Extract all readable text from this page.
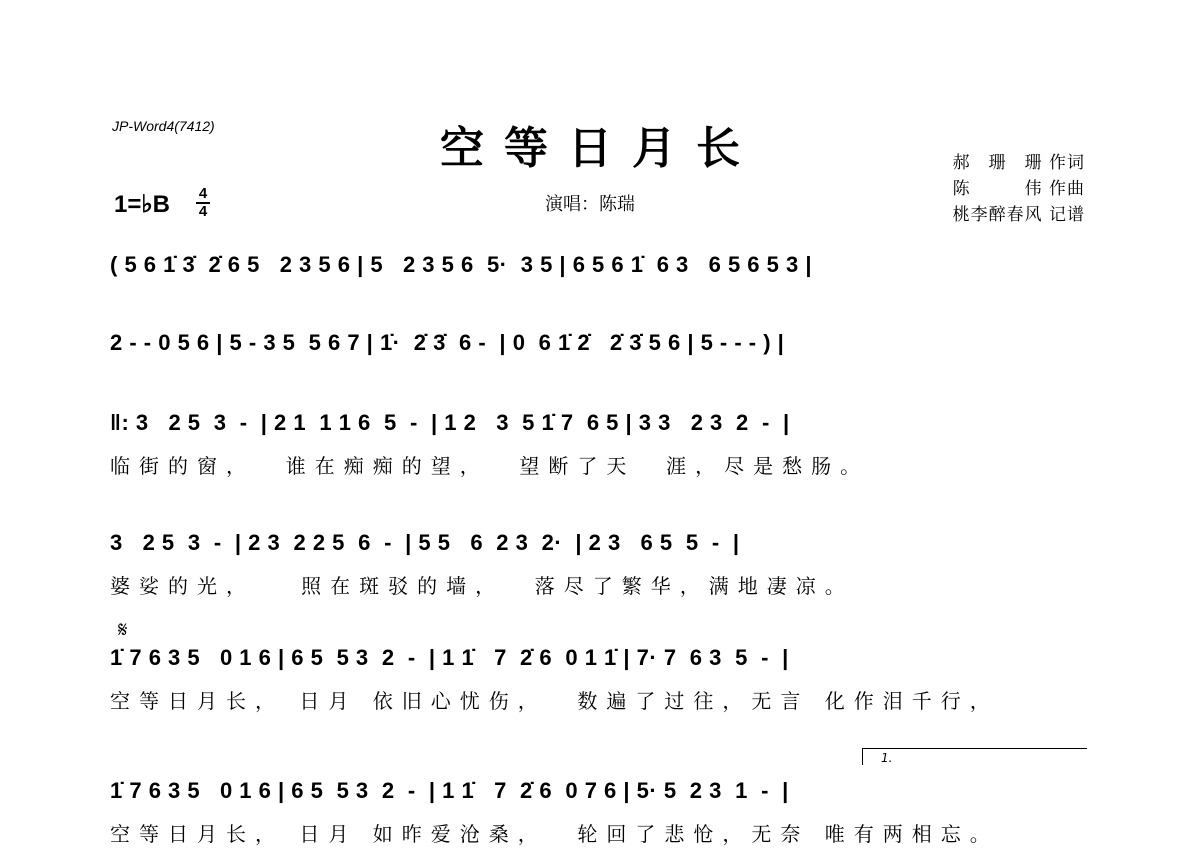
JP-Word4(7412)	空等日月长
1=♭B 4
4	演唱：陈瑞
郝　珊　珊 作词
陈　　　伟 作曲
桃李醉春风 记谱
( 5 6 1̇ 3̇  2̇ 6 5   2 3 5 6 | 5   2 3 5 6  5·  3 5 | 6 5 6 1̇  6 3   6 5 6 5 3 |
2 - - 0 5 6 | 5 - 3 5  5 6 7 | 1̇·  2̇ 3̇  6 -  | 0  6 1̇ 2̇   2̇ 3̇ 5 6 | 5 - - - ) |
‖: 3   2 5  3  -  | 2 1  1 1 6  5  -  | 1 2   3  5 1̇ 7  6 5 | 3 3   2 3  2  -  |
临街的窗，  谁在痴痴的望，  望断了天  涯，尽是愁肠。
3   2 5  3  -  | 2 3  2 2 5  6  -  | 5 5   6  2 3  2·  | 2 3   6 5  5  -  |
婆娑的光，   照在斑驳的墙，  落尽了繁华，满地凄凉。
𝄋
1̇ 7 6 3 5   0 1 6 | 6 5  5 3  2  -  | 1 1̇   7  2̇ 6  0 1 1̇ | 7· 7  6 3  5  -  |
空等日月长， 日月 依旧心忧伤，  数遍了过往，无言 化作泪千行，
1.
1̇ 7 6 3 5   0 1 6 | 6 5  5 3  2  -  | 1 1̇   7  2̇ 6  0 7 6 | 5· 5  2 3  1  -  |
空等日月长， 日月 如昨爱沧桑，  轮回了悲怆，无奈 唯有两相忘。
